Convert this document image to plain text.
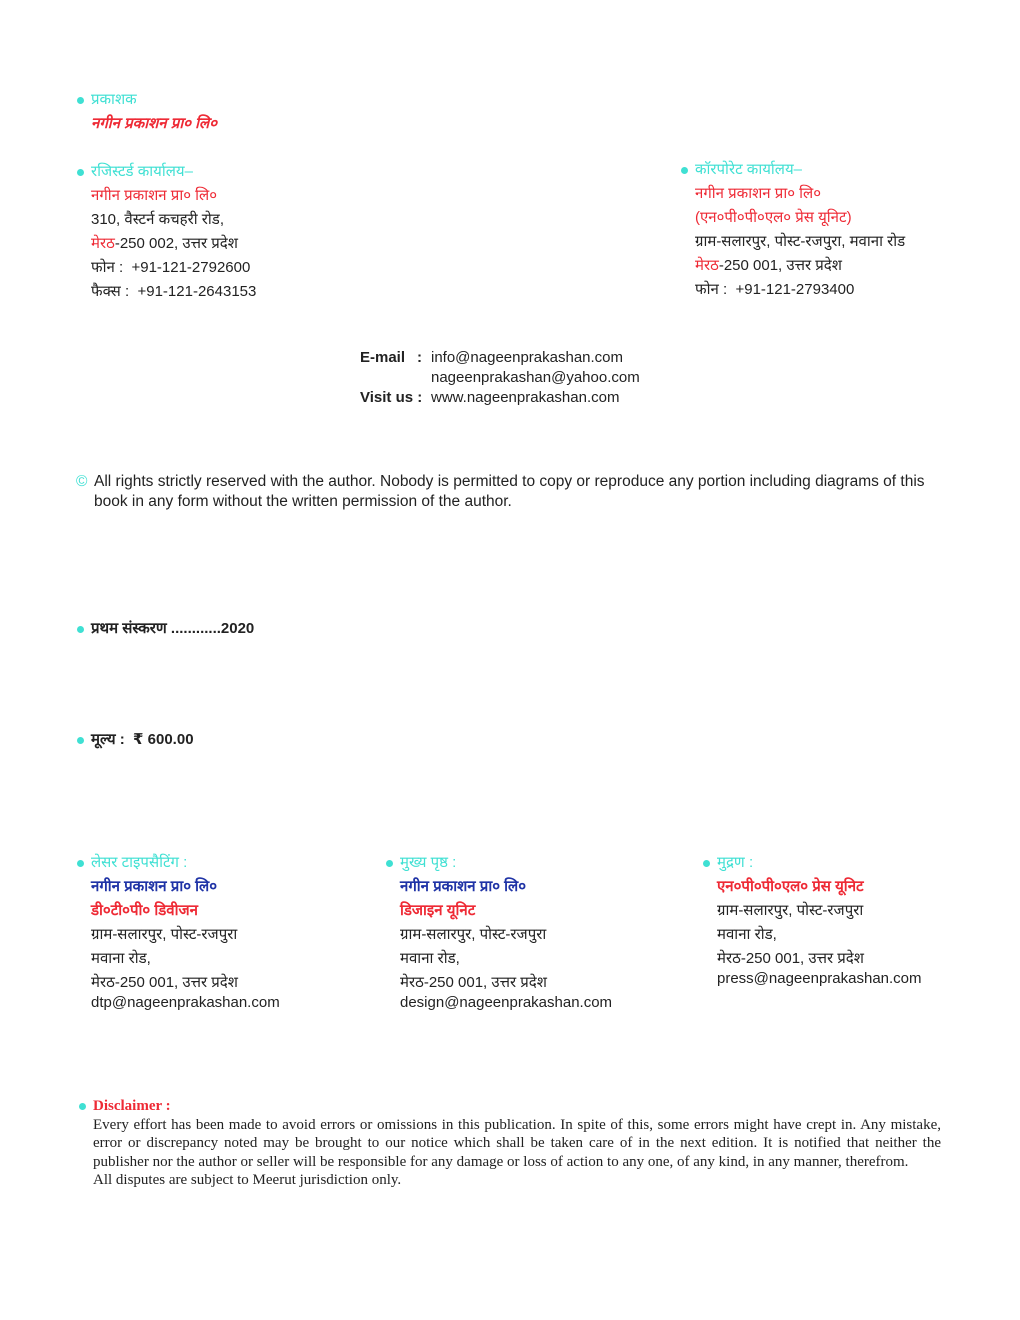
प्रकाशक
नगीन प्रकाशन प्रा० लि०
रजिस्टर्ड कार्यालय–
नगीन प्रकाशन प्रा० लि०
310, वैस्टर्न कचहरी रोड,
मेरठ-250 002, उत्तर प्रदेश
फोन : +91-121-2792600
फैक्स : +91-121-2643153
कॉरपोरेट कार्यालय–
नगीन प्रकाशन प्रा० लि०
(एन०पी०पी०एल० प्रेस यूनिट)
ग्राम-सलारपुर, पोस्ट-रजपुरा, मवाना रोड
मेरठ-250 001, उत्तर प्रदेश
फोन : +91-121-2793400
E-mail : info@nageenprakashan.com
nageenprakashan@yahoo.com
Visit us : www.nageenprakashan.com
© All rights strictly reserved with the author. Nobody is permitted to copy or reproduce any portion including diagrams of this book in any form without the written permission of the author.
प्रथम संस्करण ............2020
मूल्य : ₹ 600.00
लेसर टाइपसैटिंग :
नगीन प्रकाशन प्रा० लि०
डी०टी०पी० डिवीजन
ग्राम-सलारपुर, पोस्ट-रजपुरा
मवाना रोड,
मेरठ-250 001, उत्तर प्रदेश
dtp@nageenprakashan.com
मुख्य पृष्ठ :
नगीन प्रकाशन प्रा० लि०
डिजाइन यूनिट
ग्राम-सलारपुर, पोस्ट-रजपुरा
मवाना रोड,
मेरठ-250 001, उत्तर प्रदेश
design@nageenprakashan.com
मुद्रण :
एन०पी०पी०एल० प्रेस यूनिट
ग्राम-सलारपुर, पोस्ट-रजपुरा
मवाना रोड,
मेरठ-250 001, उत्तर प्रदेश
press@nageenprakashan.com
Disclaimer :
Every effort has been made to avoid errors or omissions in this publication. In spite of this, some errors might have crept in. Any mistake, error or discrepancy noted may be brought to our notice which shall be taken care of in the next edition. It is notified that neither the publisher nor the author or seller will be responsible for any damage or loss of action to any one, of any kind, in any manner, therefrom.
All disputes are subject to Meerut jurisdiction only.
